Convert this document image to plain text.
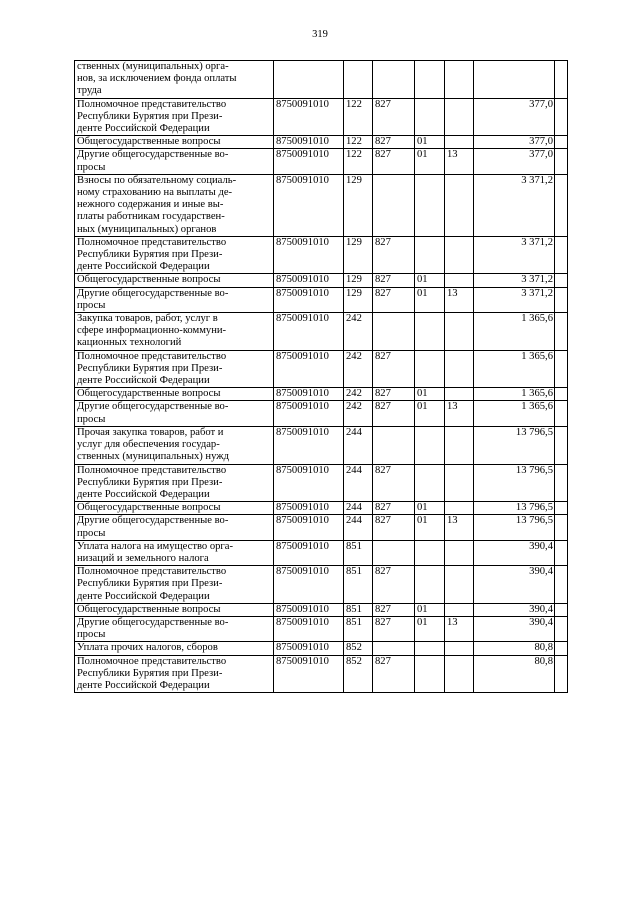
319
ственных (муниципальных) орга-
нов, за исключением фонда оплаты
труда							
Полномочное представительство
Республики Бурятия при Прези-
денте Российской Федерации	8750091010	122	827			377,0	
Общегосударственные вопросы	8750091010	122	827	01		377,0	
Другие общегосударственные во-
просы	8750091010	122	827	01	13	377,0	
Взносы по обязательному социаль-
ному страхованию на выплаты де-
нежного содержания и иные вы-
платы работникам государствен-
ных (муниципальных) органов	8750091010	129				3 371,2	
Полномочное представительство
Республики Бурятия при Прези-
денте Российской Федерации	8750091010	129	827			3 371,2	
Общегосударственные вопросы	8750091010	129	827	01		3 371,2	
Другие общегосударственные во-
просы	8750091010	129	827	01	13	3 371,2	
Закупка товаров, работ, услуг в
сфере информационно-коммуни-
кационных технологий	8750091010	242				1 365,6	
Полномочное представительство
Республики Бурятия при Прези-
денте Российской Федерации	8750091010	242	827			1 365,6	
Общегосударственные вопросы	8750091010	242	827	01		1 365,6	
Другие общегосударственные во-
просы	8750091010	242	827	01	13	1 365,6	
Прочая закупка товаров, работ и
услуг для обеспечения государ-
ственных (муниципальных) нужд	8750091010	244				13 796,5	
Полномочное представительство
Республики Бурятия при Прези-
денте Российской Федерации	8750091010	244	827			13 796,5	
Общегосударственные вопросы	8750091010	244	827	01		13 796,5	
Другие общегосударственные во-
просы	8750091010	244	827	01	13	13 796,5	
Уплата налога на имущество орга-
низаций и земельного налога	8750091010	851				390,4	
Полномочное представительство
Республики Бурятия при Прези-
денте Российской Федерации	8750091010	851	827			390,4	
Общегосударственные вопросы	8750091010	851	827	01		390,4	
Другие общегосударственные во-
просы	8750091010	851	827	01	13	390,4	
Уплата прочих налогов, сборов	8750091010	852				80,8	
Полномочное представительство
Республики Бурятия при Прези-
денте Российской Федерации	8750091010	852	827			80,8	
